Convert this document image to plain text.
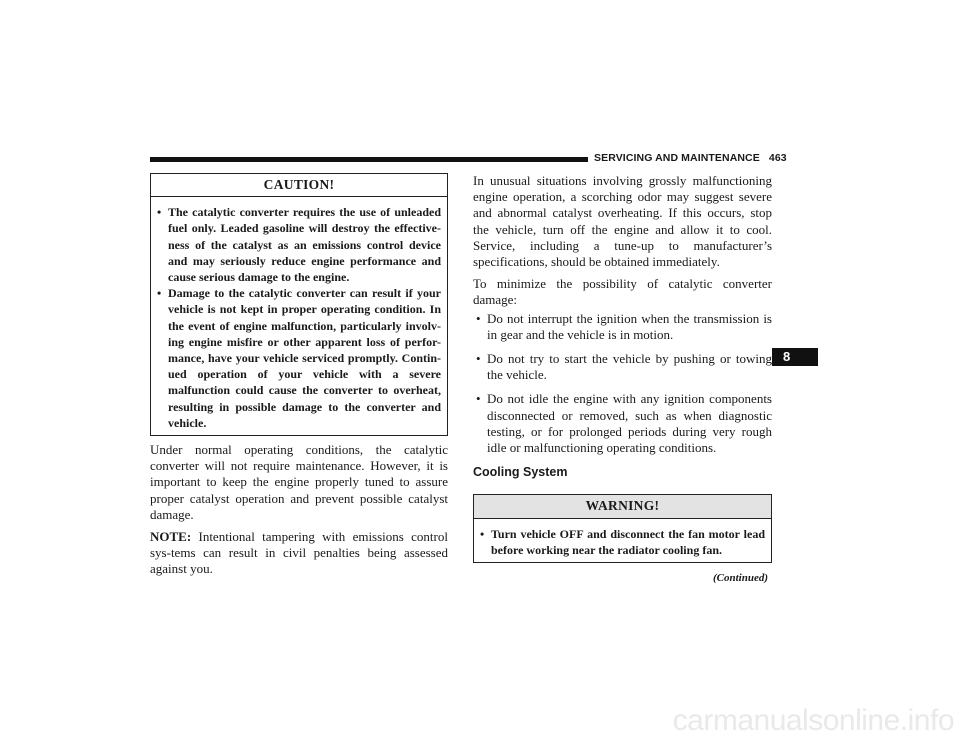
SERVICING AND MAINTENANCE 463
CAUTION!
• The catalytic converter requires the use of unleaded fuel only. Leaded gasoline will destroy the effective-ness of the catalyst as an emissions control device and may seriously reduce engine performance and cause serious damage to the engine.
• Damage to the catalytic converter can result if your vehicle is not kept in proper operating condition. In the event of engine malfunction, particularly involv-ing engine misfire or other apparent loss of perfor-mance, have your vehicle serviced promptly. Contin-ued operation of your vehicle with a severe malfunction could cause the converter to overheat, resulting in possible damage to the converter and vehicle.

Under normal operating conditions, the catalytic converter will not require maintenance. However, it is important to keep the engine properly tuned to assure proper catalyst operation and prevent possible catalyst damage.

NOTE: Intentional tampering with emissions control sys-tems can result in civil penalties being assessed against you.

In unusual situations involving grossly malfunctioning engine operation, a scorching odor may suggest severe and abnormal catalyst overheating. If this occurs, stop the vehicle, turn off the engine and allow it to cool. Service, including a tune-up to manufacturer’s specifications, should be obtained immediately.

To minimize the possibility of catalytic converter damage:

• Do not interrupt the ignition when the transmission is in gear and the vehicle is in motion.
• Do not try to start the vehicle by pushing or towing the vehicle.
• Do not idle the engine with any ignition components disconnected or removed, such as when diagnostic testing, or for prolonged periods during very rough idle or malfunctioning operating conditions.
Cooling System
WARNING!
• Turn vehicle OFF and disconnect the fan motor lead before working near the radiator cooling fan.
(Continued)
8
carmanualsonline.info
